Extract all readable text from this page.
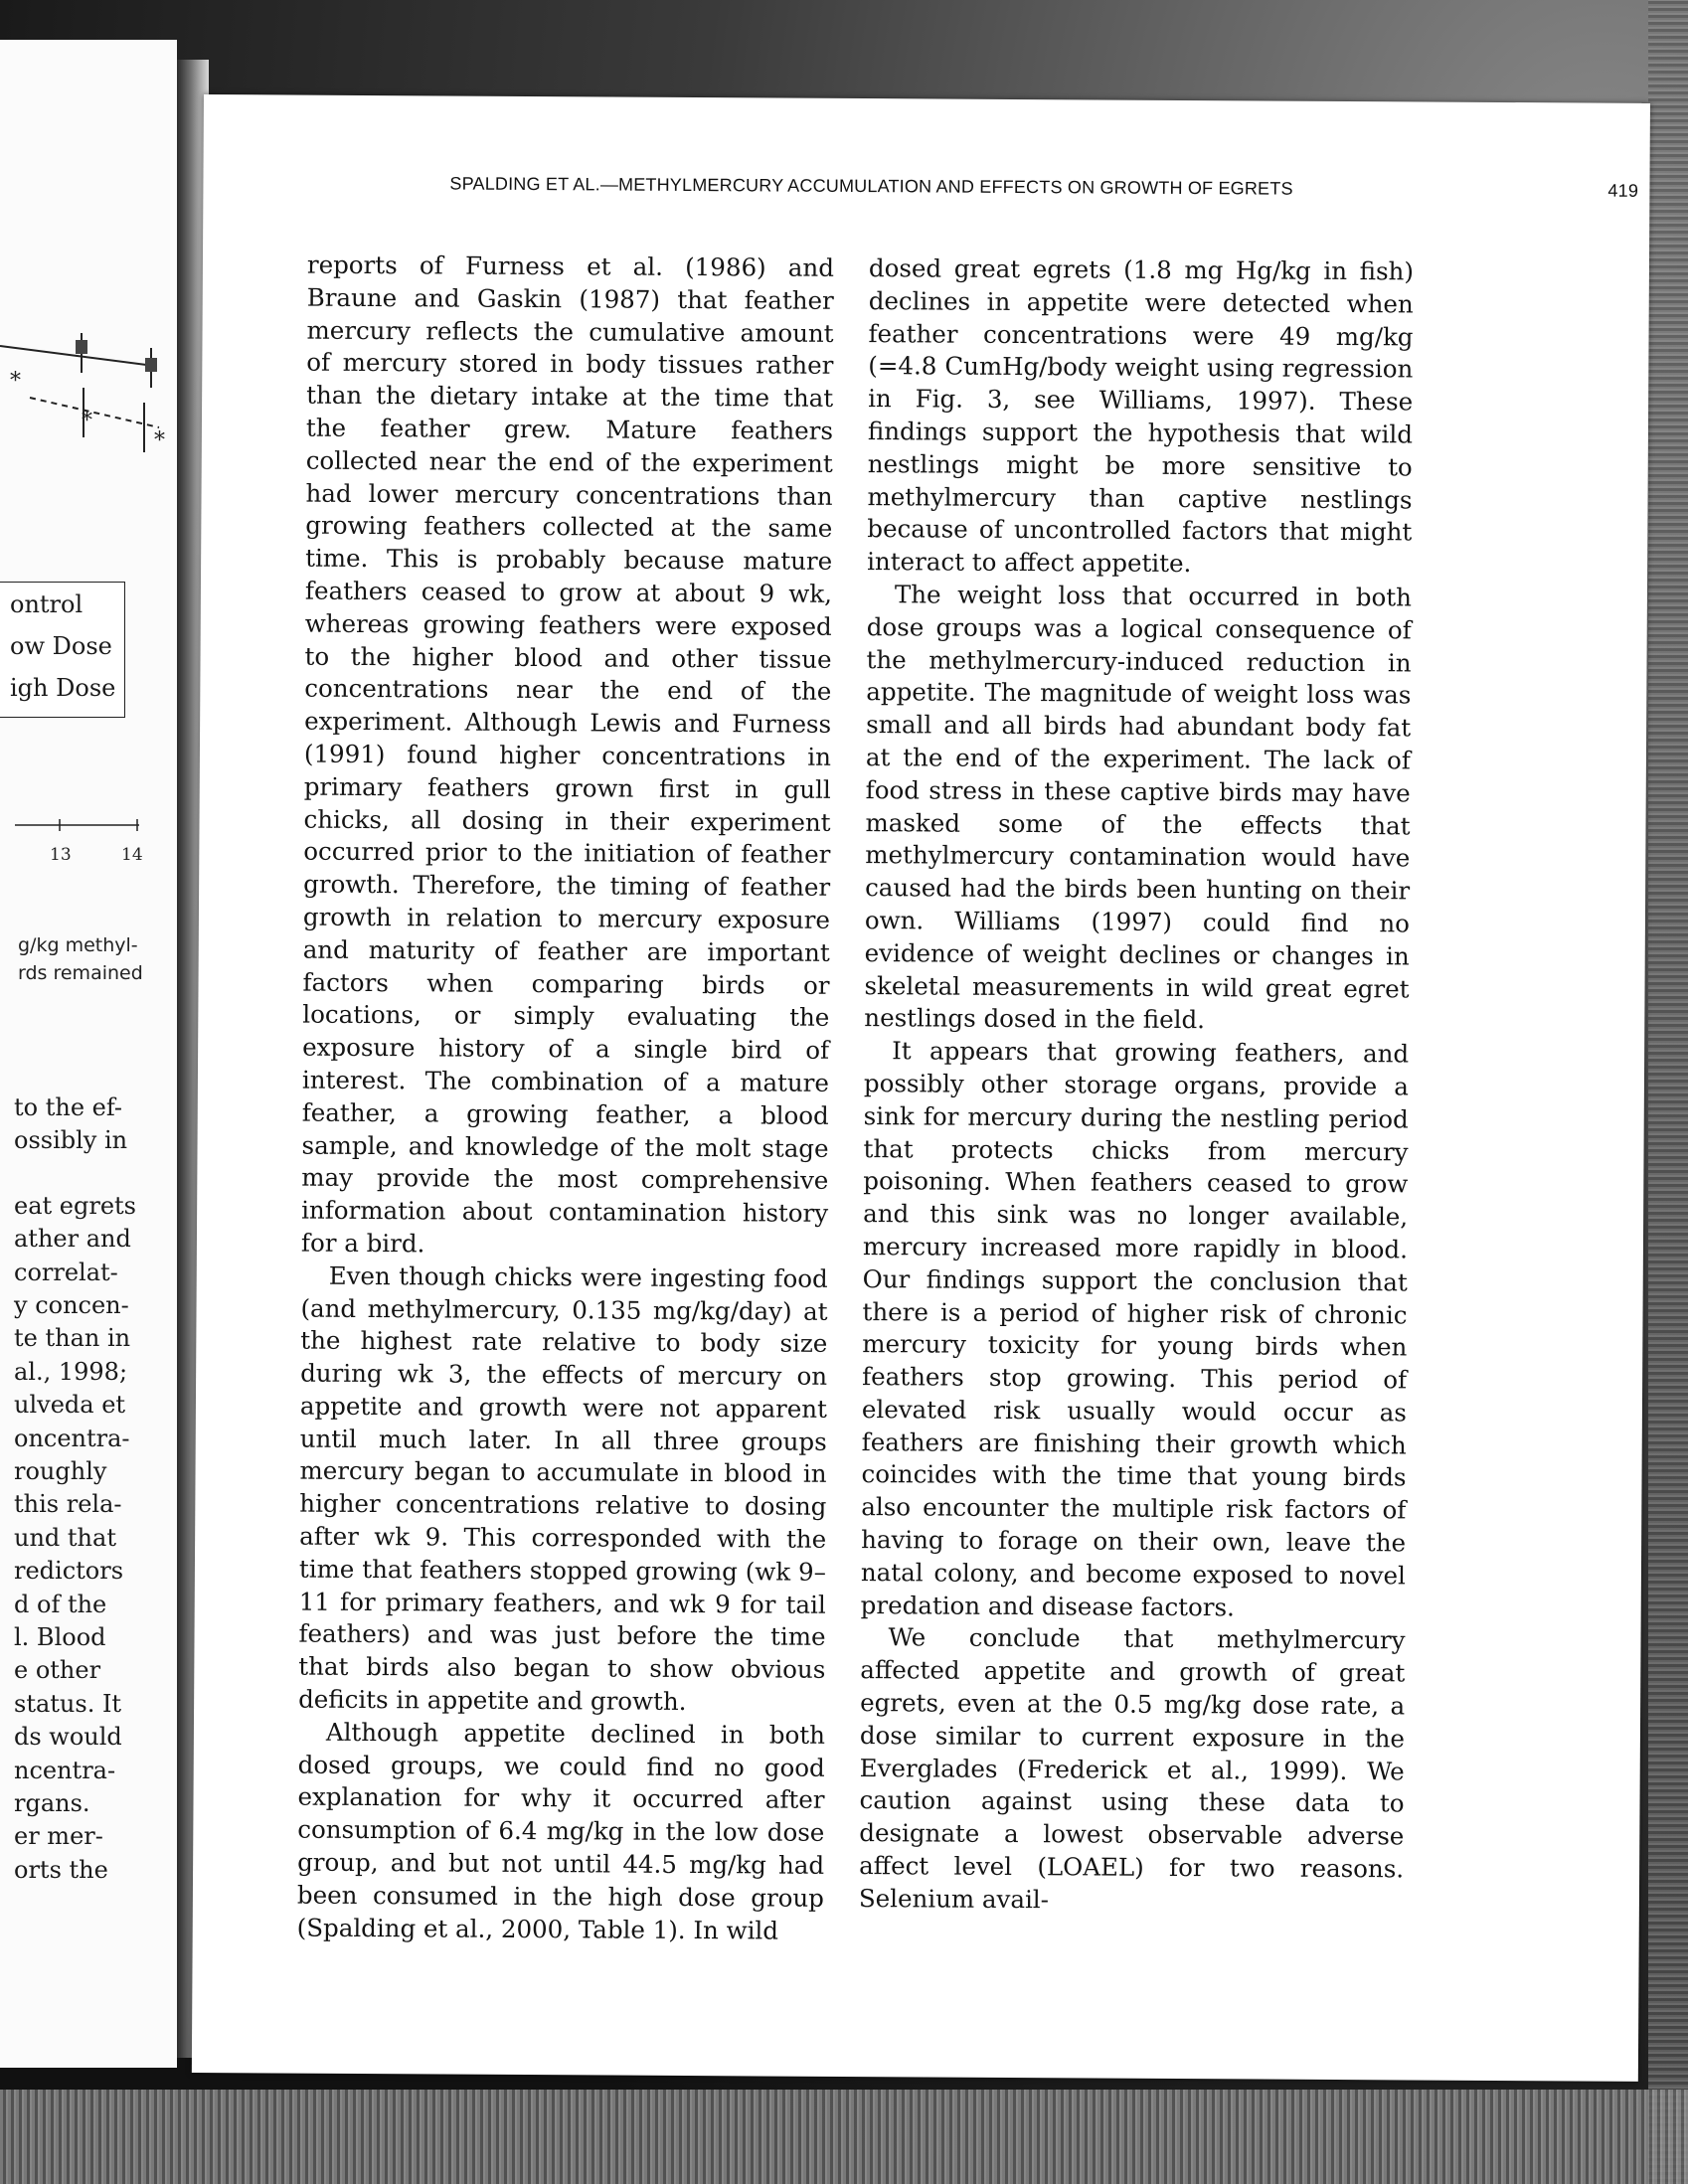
*
*
*
ontrol
ow Dose
igh Dose
13	14
g/kg methyl-
rds remained
to the ef-
ossibly in
eat egrets
ather and
correlat-
y concen-
te than in
al., 1998;
ulveda et
oncentra-
roughly
this rela-
und that
redictors
d of the
l. Blood
e other
status. It
ds would
ncentra-
rgans.
er mer-
orts the
SPALDING ET AL.—METHYLMERCURY ACCUMULATION AND EFFECTS ON GROWTH OF EGRETS	419

reports of Furness et al. (1986) and Braune and Gaskin (1987) that feather mercury reflects the cumulative amount of mercury stored in body tissues rather than the dietary intake at the time that the feather grew. Mature feathers collected near the end of the experiment had lower mercury concentrations than growing feathers collected at the same time. This is probably because mature feathers ceased to grow at about 9 wk, whereas growing feathers were exposed to the higher blood and other tissue concentrations near the end of the experiment. Although Lewis and Furness (1991) found higher concentrations in primary feathers grown first in gull chicks, all dosing in their experiment occurred prior to the initiation of feather growth. Therefore, the timing of feather growth in relation to mercury exposure and maturity of feather are important factors when comparing birds or locations, or simply evaluating the exposure history of a single bird of interest. The combination of a mature feather, a growing feather, a blood sample, and knowledge of the molt stage may provide the most comprehensive information about contamination history for a bird.

Even though chicks were ingesting food (and methylmercury, 0.135 mg/kg/day) at the highest rate relative to body size during wk 3, the effects of mercury on appetite and growth were not apparent until much later. In all three groups mercury began to accumulate in blood in higher concentrations relative to dosing after wk 9. This corresponded with the time that feathers stopped growing (wk 9–11 for primary feathers, and wk 9 for tail feathers) and was just before the time that birds also began to show obvious deficits in appetite and growth.

Although appetite declined in both dosed groups, we could find no good explanation for why it occurred after consumption of 6.4 mg/kg in the low dose group, and but not until 44.5 mg/kg had been consumed in the high dose group (Spalding et al., 2000, Table 1). In wild

dosed great egrets (1.8 mg Hg/kg in fish) declines in appetite were detected when feather concentrations were 49 mg/kg (=4.8 CumHg/body weight using regression in Fig. 3, see Williams, 1997). These findings support the hypothesis that wild nestlings might be more sensitive to methylmercury than captive nestlings because of uncontrolled factors that might interact to affect appetite.

The weight loss that occurred in both dose groups was a logical consequence of the methylmercury-induced reduction in appetite. The magnitude of weight loss was small and all birds had abundant body fat at the end of the experiment. The lack of food stress in these captive birds may have masked some of the effects that methylmercury contamination would have caused had the birds been hunting on their own. Williams (1997) could find no evidence of weight declines or changes in skeletal measurements in wild great egret nestlings dosed in the field.

It appears that growing feathers, and possibly other storage organs, provide a sink for mercury during the nestling period that protects chicks from mercury poisoning. When feathers ceased to grow and this sink was no longer available, mercury increased more rapidly in blood. Our findings support the conclusion that there is a period of higher risk of chronic mercury toxicity for young birds when feathers stop growing. This period of elevated risk usually would occur as feathers are finishing their growth which coincides with the time that young birds also encounter the multiple risk factors of having to forage on their own, leave the natal colony, and become exposed to novel predation and disease factors.

We conclude that methylmercury affected appetite and growth of great egrets, even at the 0.5 mg/kg dose rate, a dose similar to current exposure in the Everglades (Frederick et al., 1999). We caution against using these data to designate a lowest observable adverse affect level (LOAEL) for two reasons. Selenium avail-
